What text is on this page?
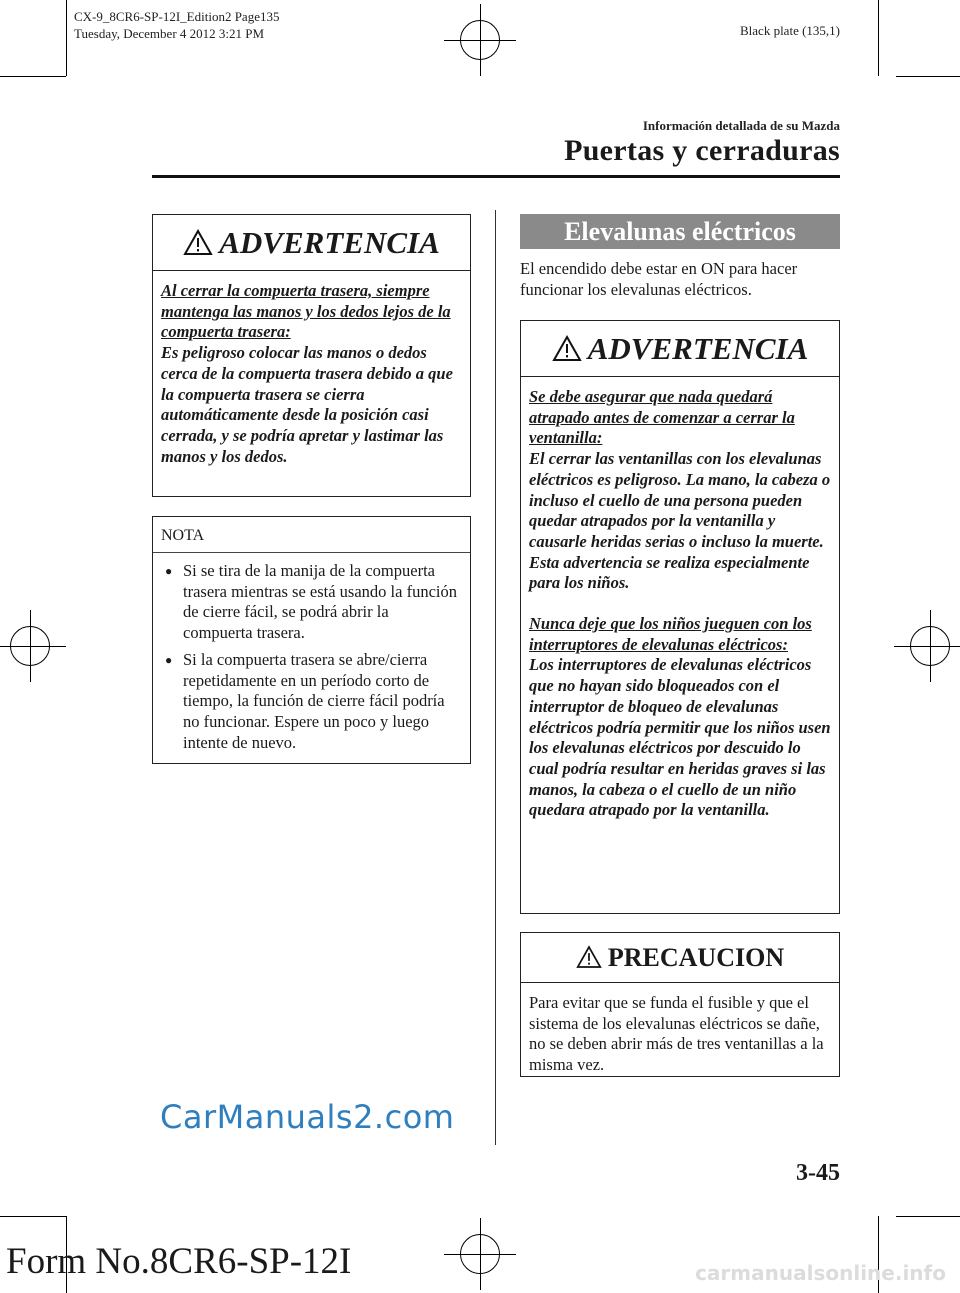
CX-9_8CR6-SP-12I_Edition2 Page135
Tuesday, December 4 2012 3:21 PM	Black plate (135,1)
Información detallada de su Mazda
Puertas y cerraduras
ADVERTENCIA
Al cerrar la compuerta trasera, siempre mantenga las manos y los dedos lejos de la compuerta trasera:
Es peligroso colocar las manos o dedos cerca de la compuerta trasera debido a que la compuerta trasera se cierra automáticamente desde la posición casi cerrada, y se podría apretar y lastimar las manos y los dedos.
NOTA
● Si se tira de la manija de la compuerta trasera mientras se está usando la función de cierre fácil, se podrá abrir la compuerta trasera.
● Si la compuerta trasera se abre/cierra repetidamente en un período corto de tiempo, la función de cierre fácil podría no funcionar. Espere un poco y luego intente de nuevo.
Elevalunas eléctricos
El encendido debe estar en ON para hacer funcionar los elevalunas eléctricos.
ADVERTENCIA
Se debe asegurar que nada quedará atrapado antes de comenzar a cerrar la ventanilla:
El cerrar las ventanillas con los elevalunas eléctricos es peligroso. La mano, la cabeza o incluso el cuello de una persona pueden quedar atrapados por la ventanilla y causarle heridas serias o incluso la muerte. Esta advertencia se realiza especialmente para los niños.
Nunca deje que los niños jueguen con los interruptores de elevalunas eléctricos:
Los interruptores de elevalunas eléctricos que no hayan sido bloqueados con el interruptor de bloqueo de elevalunas eléctricos podría permitir que los niños usen los elevalunas eléctricos por descuido lo cual podría resultar en heridas graves si las manos, la cabeza o el cuello de un niño quedara atrapado por la ventanilla.
PRECAUCION
Para evitar que se funda el fusible y que el sistema de los elevalunas eléctricos se dañe, no se deben abrir más de tres ventanillas a la misma vez.
CarManuals2.com
3-45
Form No.8CR6-SP-12I	carmanualsonline.info
